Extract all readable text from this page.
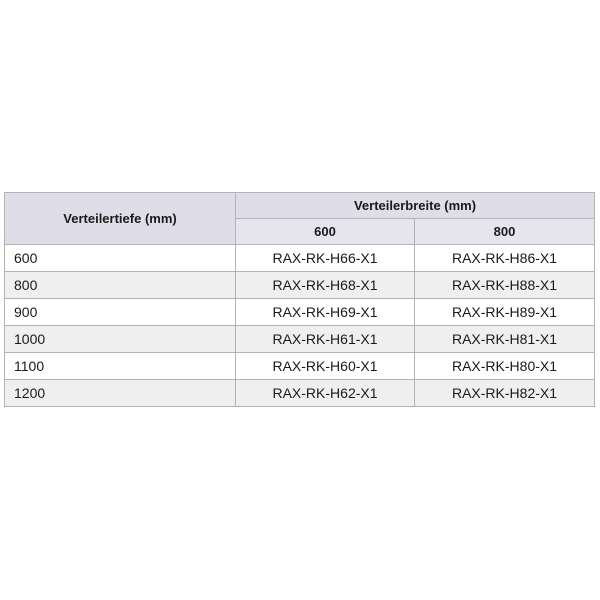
Verteilertiefe (mm)	Verteilerbreite (mm)	
	600	800
600	RAX-RK-H66-X1	RAX-RK-H86-X1
800	RAX-RK-H68-X1	RAX-RK-H88-X1
900	RAX-RK-H69-X1	RAX-RK-H89-X1
1000	RAX-RK-H61-X1	RAX-RK-H81-X1
1100	RAX-RK-H60-X1	RAX-RK-H80-X1
1200	RAX-RK-H62-X1	RAX-RK-H82-X1
